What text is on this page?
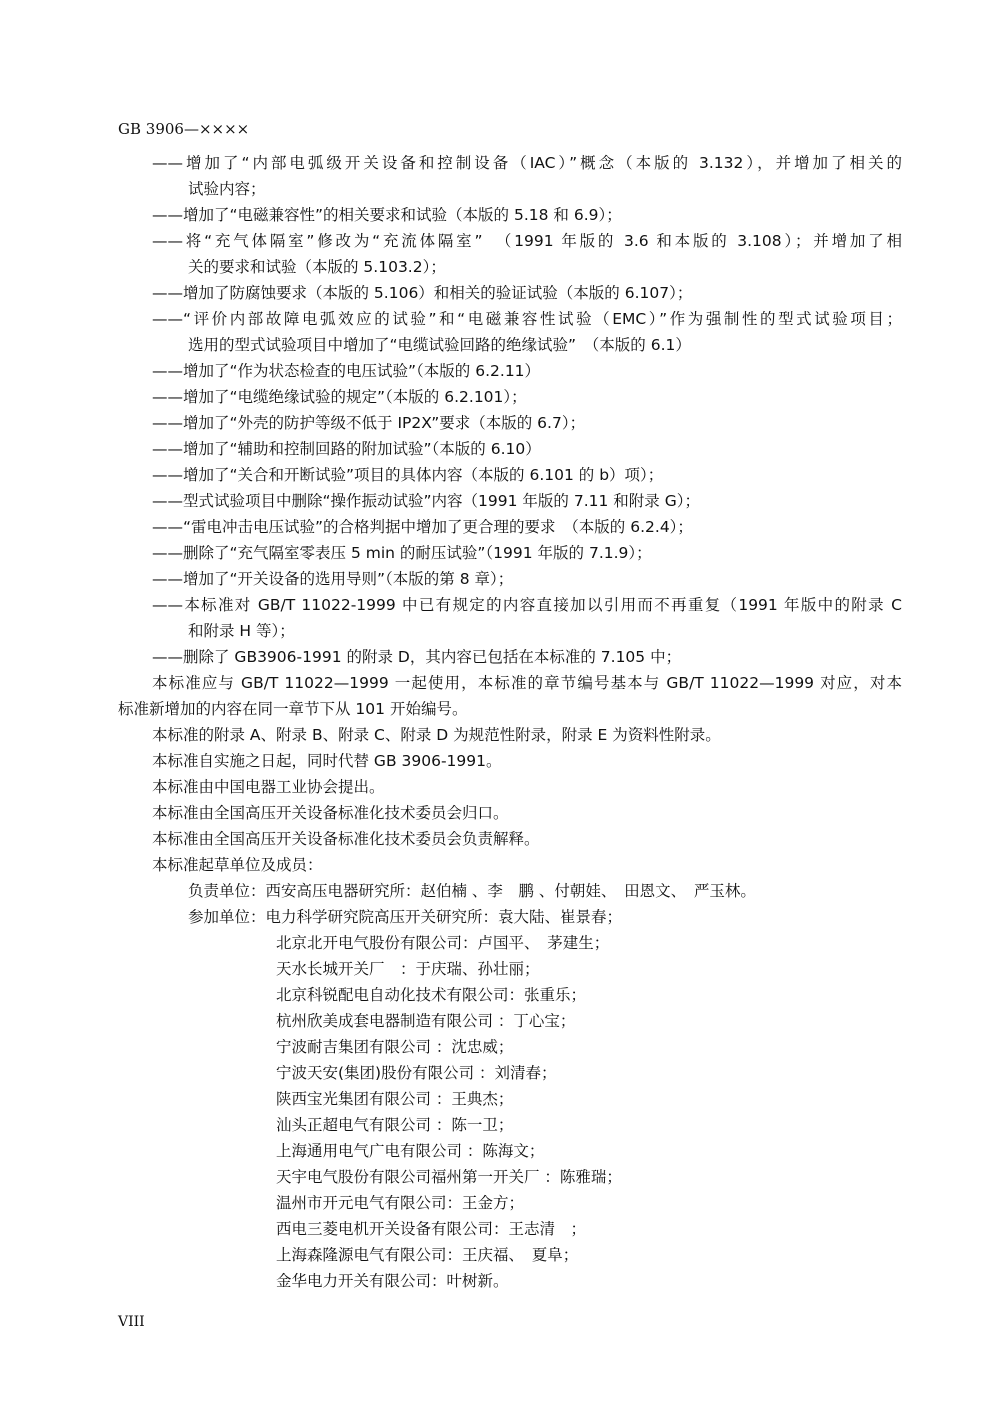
GB 3906—××××
——增加了“内部电弧级开关设备和控制设备（IAC）”概念（本版的 3.132），并增加了相关的
试验内容；
——增加了“电磁兼容性”的相关要求和试验（本版的 5.18 和 6.9）；
——将“充气体隔室”修改为“充流体隔室”　（1991 年版的 3.6 和本版的 3.108）；并增加了相
关的要求和试验（本版的 5.103.2）；
——增加了防腐蚀要求（本版的 5.106）和相关的验证试验（本版的 6.107）；
——“评价内部故障电弧效应的试验”和“电磁兼容性试验（EMC）”作为强制性的型式试验项目；
选用的型式试验项目中增加了“电缆试验回路的绝缘试验”　（本版的 6.1）
——增加了“作为状态检查的电压试验”（本版的 6.2.11）
——增加了“电缆绝缘试验的规定”（本版的 6.2.101）；
——增加了“外壳的防护等级不低于 IP2X”要求（本版的 6.7）；
——增加了“辅助和控制回路的附加试验”（本版的 6.10）
——增加了“关合和开断试验”项目的具体内容（本版的 6.101 的 b）项）；
——型式试验项目中删除“操作振动试验”内容（1991 年版的 7.11 和附录 G）；
——“雷电冲击电压试验”的合格判据中增加了更合理的要求　（本版的 6.2.4）；
——删除了“充气隔室零表压 5 min 的耐压试验”（1991 年版的 7.1.9）；
——增加了“开关设备的选用导则”（本版的第 8 章）；
——本标准对 GB/T 11022-1999 中已有规定的内容直接加以引用而不再重复（1991 年版中的附录 C
和附录 H 等）；
——删除了 GB3906-1991 的附录 D，其内容已包括在本标准的 7.105 中；
本标准应与 GB/T 11022—1999 一起使用，本标准的章节编号基本与 GB/T 11022—1999 对应，对本
标准新增加的内容在同一章节下从 101 开始编号。
本标准的附录 A、附录 B、附录 C、附录 D 为规范性附录，附录 E 为资料性附录。
本标准自实施之日起，同时代替 GB 3906-1991。
本标准由中国电器工业协会提出。
本标准由全国高压开关设备标准化技术委员会归口。
本标准由全国高压开关设备标准化技术委员会负责解释。
本标准起草单位及成员：
负责单位：西安高压电器研究所：赵伯楠 、李　鹏 、付朝娃、　田恩文、　严玉林。
参加单位：电力科学研究院高压开关研究所：袁大陆、崔景春；
北京北开电气股份有限公司：卢国平、　茅建生；
天水长城开关厂　：于庆瑞、孙壮丽；
北京科锐配电自动化技术有限公司：张重乐；
杭州欣美成套电器制造有限公司 ：丁心宝；
宁波耐吉集团有限公司 ：沈忠威；
宁波天安(集团)股份有限公司 ：刘清春；
陕西宝光集团有限公司 ：王典杰；
汕头正超电气有限公司 ：陈一卫；
上海通用电气广电有限公司 ：陈海文；
天宇电气股份有限公司福州第一开关厂 ：陈雅瑞；
温州市开元电气有限公司：王金方；
西电三菱电机开关设备有限公司：王志清　；
上海森隆源电气有限公司：王庆福、　夏阜；
金华电力开关有限公司：叶树新。
VIII
